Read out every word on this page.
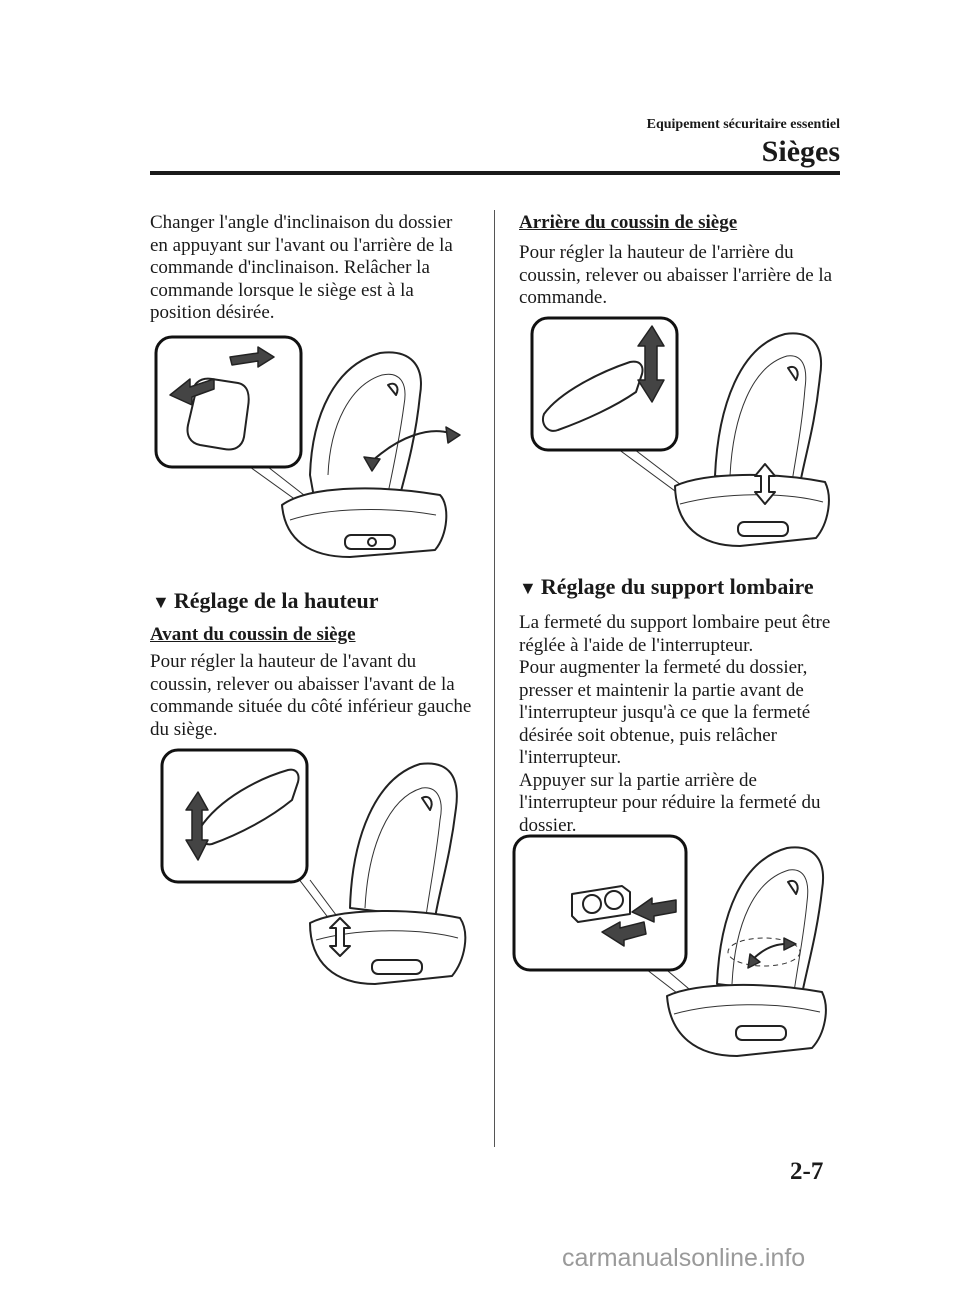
Equipement sécuritaire essentiel
Sièges
Changer l'angle d'inclinaison du dossier
en appuyant sur l'avant ou l'arrière de la
commande d'inclinaison. Relâcher la
commande lorsque le siège est à la
position désirée.
▼ Réglage de la hauteur
Avant du coussin de siège
Pour régler la hauteur de l'avant du
coussin, relever ou abaisser l'avant de la
commande située du côté inférieur gauche
du siège.
Arrière du coussin de siège
Pour régler la hauteur de l'arrière du
coussin, relever ou abaisser l'arrière de la
commande.
▼ Réglage du support lombaire
La fermeté du support lombaire peut être
réglée à l'aide de l'interrupteur.
Pour augmenter la fermeté du dossier,
presser et maintenir la partie avant de
l'interrupteur jusqu'à ce que la fermeté
désirée soit obtenue, puis relâcher
l'interrupteur.
Appuyer sur la partie arrière de
l'interrupteur pour réduire la fermeté du
dossier.
2-7
carmanualsonline.info
